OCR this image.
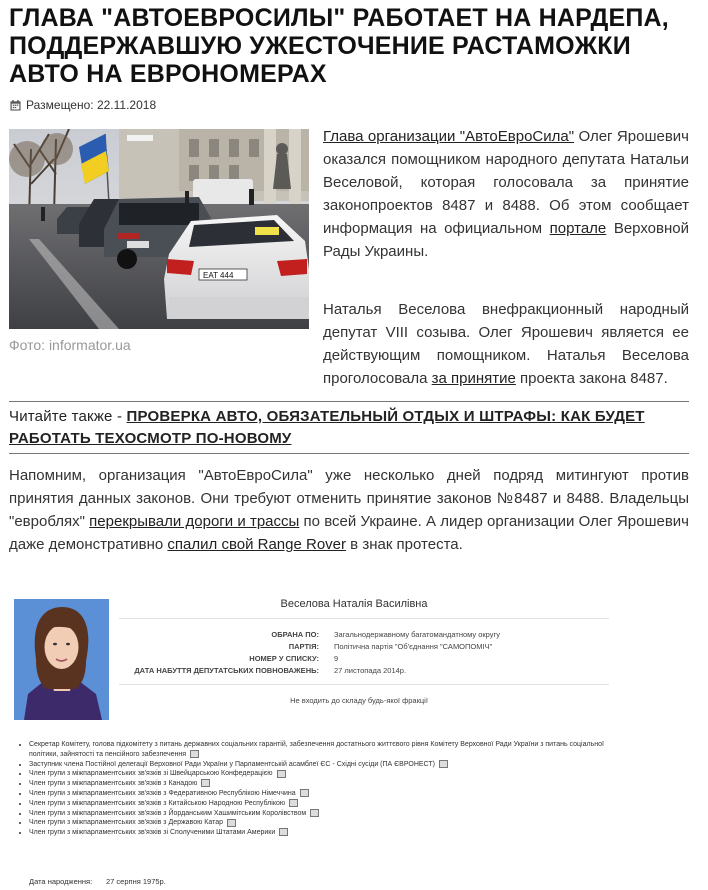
ГЛАВА "АВТОЕВРОСИЛЫ" РАБОТАЕТ НА НАРДЕПА, ПОДДЕРЖАВШУЮ УЖЕСТОЧЕНИЕ РАСТАМОЖКИ АВТО НА ЕВРОНОМЕРАХ
Размещено: 22.11.2018
EAT 444
Фото: informator.ua

Глава организации "АвтоЕвроСила" Олег Ярошевич оказался помощником народного депутата Натальи Веселовой, которая голосовала за принятие законопроектов 8487 и 8488. Об этом сообщает информация на официальном портале Верховной Рады Украины.

Наталья Веселова внефракционный народный депутат VIII созыва. Олег Ярошевич является ее действующим помощником. Наталья Веселова проголосовала за принятие проекта закона 8487.

Читайте также - ПРОВЕРКА АВТО, ОБЯЗАТЕЛЬНЫЙ ОТДЫХ И ШТРАФЫ: КАК БУДЕТ РАБОТАТЬ ТЕХОСМОТР ПО-НОВОМУ

Напомним, организация "АвтоЕвроСила" уже несколько дней подряд митингуют против принятия данных законов. Они требуют отменить принятие законов №8487 и 8488. Владельцы "евроблях" перекрывали дороги и трассы по всей Украине. А лидер организации Олег Ярошевич даже демонстративно спалил свой Range Rover в знак протеста.

Веселова Наталія Василівна
ОБРАНА ПО: Загальнодержавному багатомандатному округу
ПАРТІЯ: Політична партія "Об'єднання "САМОПОМІЧ"
НОМЕР У СПИСКУ: 9
ДАТА НАБУТТЯ ДЕПУТАТСЬКИХ ПОВНОВАЖЕНЬ: 27 листопада 2014р.
Не входить до складу будь-якої фракції
• Секретар Комітету, голова підкомітету з питань державних соціальних гарантій, забезпечення достатнього життєвого рівня Комітету Верховної Ради України з питань соціальної політики, зайнятості та пенсійного забезпечення
• Заступник члена Постійної делегації Верховної Ради України у Парламентській асамблеї ЄС - Східні сусіди (ПА ЄВРОНЕСТ)
• Член групи з міжпарламентських зв'язків зі Швейцарською Конфедерацією
• Член групи з міжпарламентських зв'язків з Канадою
• Член групи з міжпарламентських зв'язків з Федеративною Республікою Німеччина
• Член групи з міжпарламентських зв'язків з Китайською Народною Республікою
• Член групи з міжпарламентських зв'язків з Йорданським Хашимітським Королівством
• Член групи з міжпарламентських зв'язків з Державою Катар
• Член групи з міжпарламентських зв'язків зі Сполученими Штатами Америки
Дата народження: 27 серпня 1975р.
